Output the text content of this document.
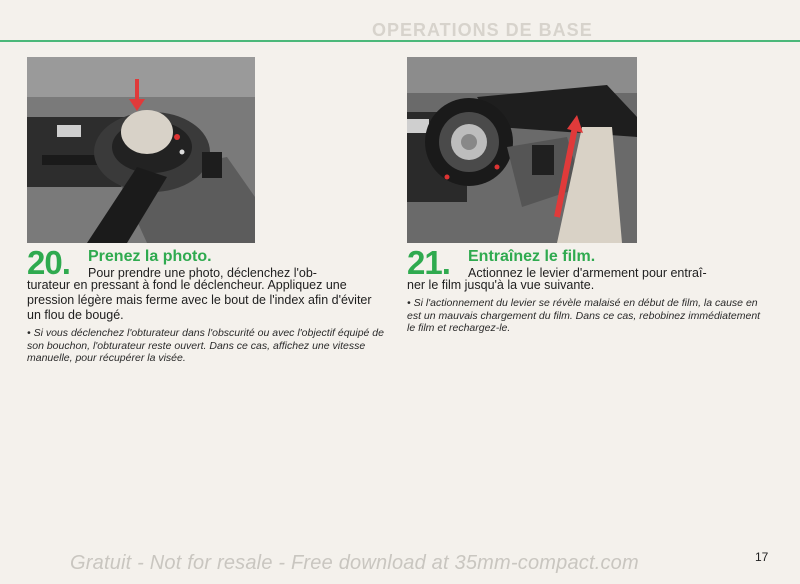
OPERATIONS DE BASE
20. Prenez la photo.
Pour prendre une photo, déclenchez l'ob-
turateur en pressant à fond le déclencheur. Appliquez une pression légère mais ferme avec le bout de l'index afin d'éviter un flou de bougé.
• Si vous déclenchez l'obturateur dans l'obscurité ou avec l'objectif équipé de son bouchon, l'obturateur reste ouvert. Dans ce cas, affichez une vitesse manuelle, pour récupérer la visée.
21. Entraînez le film.
Actionnez le levier d'armement pour entraî-
ner le film jusqu'à la vue suivante.
• Si l'actionnement du levier se révèle malaisé en début de film, la cause en est un mauvais chargement du film. Dans ce cas, rebobinez immédiatement le film et rechargez-le.
Gratuit - Not for resale - Free download at 35mm-compact.com	17
